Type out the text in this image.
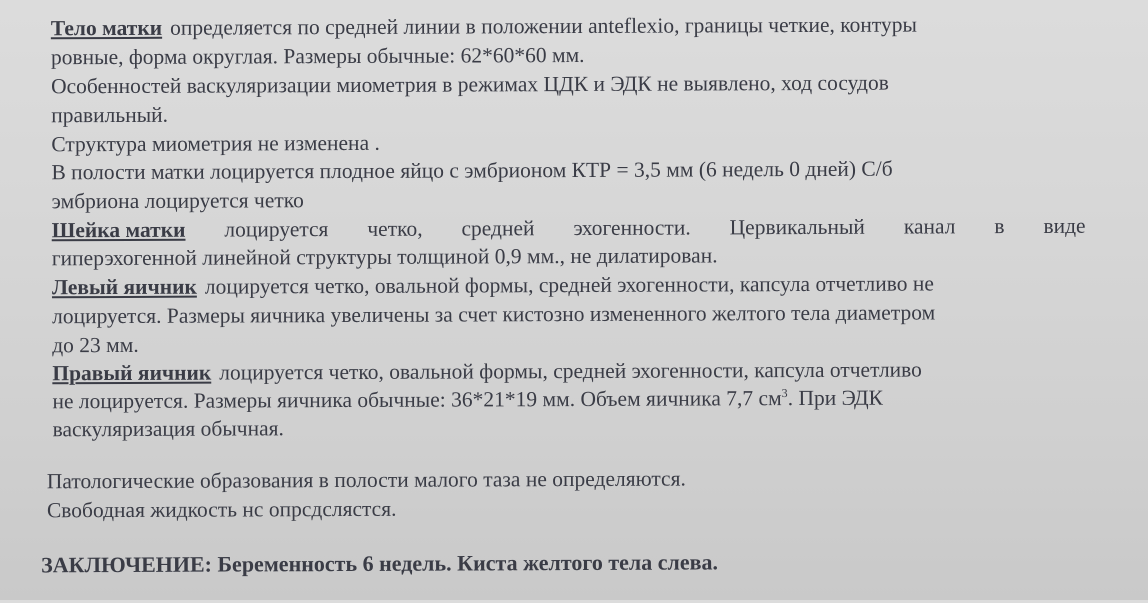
Тело матки определяется по средней линии в положении anteflexio, границы четкие, контуры
ровные, форма округлая. Размеры обычные: 62*60*60 мм.
Особенностей васкуляризации миометрия в режимах ЦДК и ЭДК не выявлено, ход сосудов
правильный.
Структура миометрия не изменена .
В полости матки лоцируется плодное яйцо с эмбрионом КТР = 3,5 мм (6 недель 0 дней) С/б
эмбриона лоцируется четко
Шейка матки лоцируется четко, средней эхогенности. Цервикальный канал в виде
гиперэхогенной линейной структуры толщиной 0,9 мм., не дилатирован.
Левый яичник лоцируется четко, овальной формы, средней эхогенности, капсула отчетливо не
лоцируется. Размеры яичника увеличены за счет кистозно измененного желтого тела диаметром
до 23 мм.
Правый яичник лоцируется четко, овальной формы, средней эхогенности, капсула отчетливо
не лоцируется. Размеры яичника обычные: 36*21*19 мм. Объем яичника 7,7 $см^3$. При ЭДК
васкуляризация обычная.
Патологические образования в полости малого таза не определяются.
Свободная жидкость нс опрсдслястся.
ЗАКЛЮЧЕНИЕ: Беременность 6 недель. Киста желтого тела слева.
